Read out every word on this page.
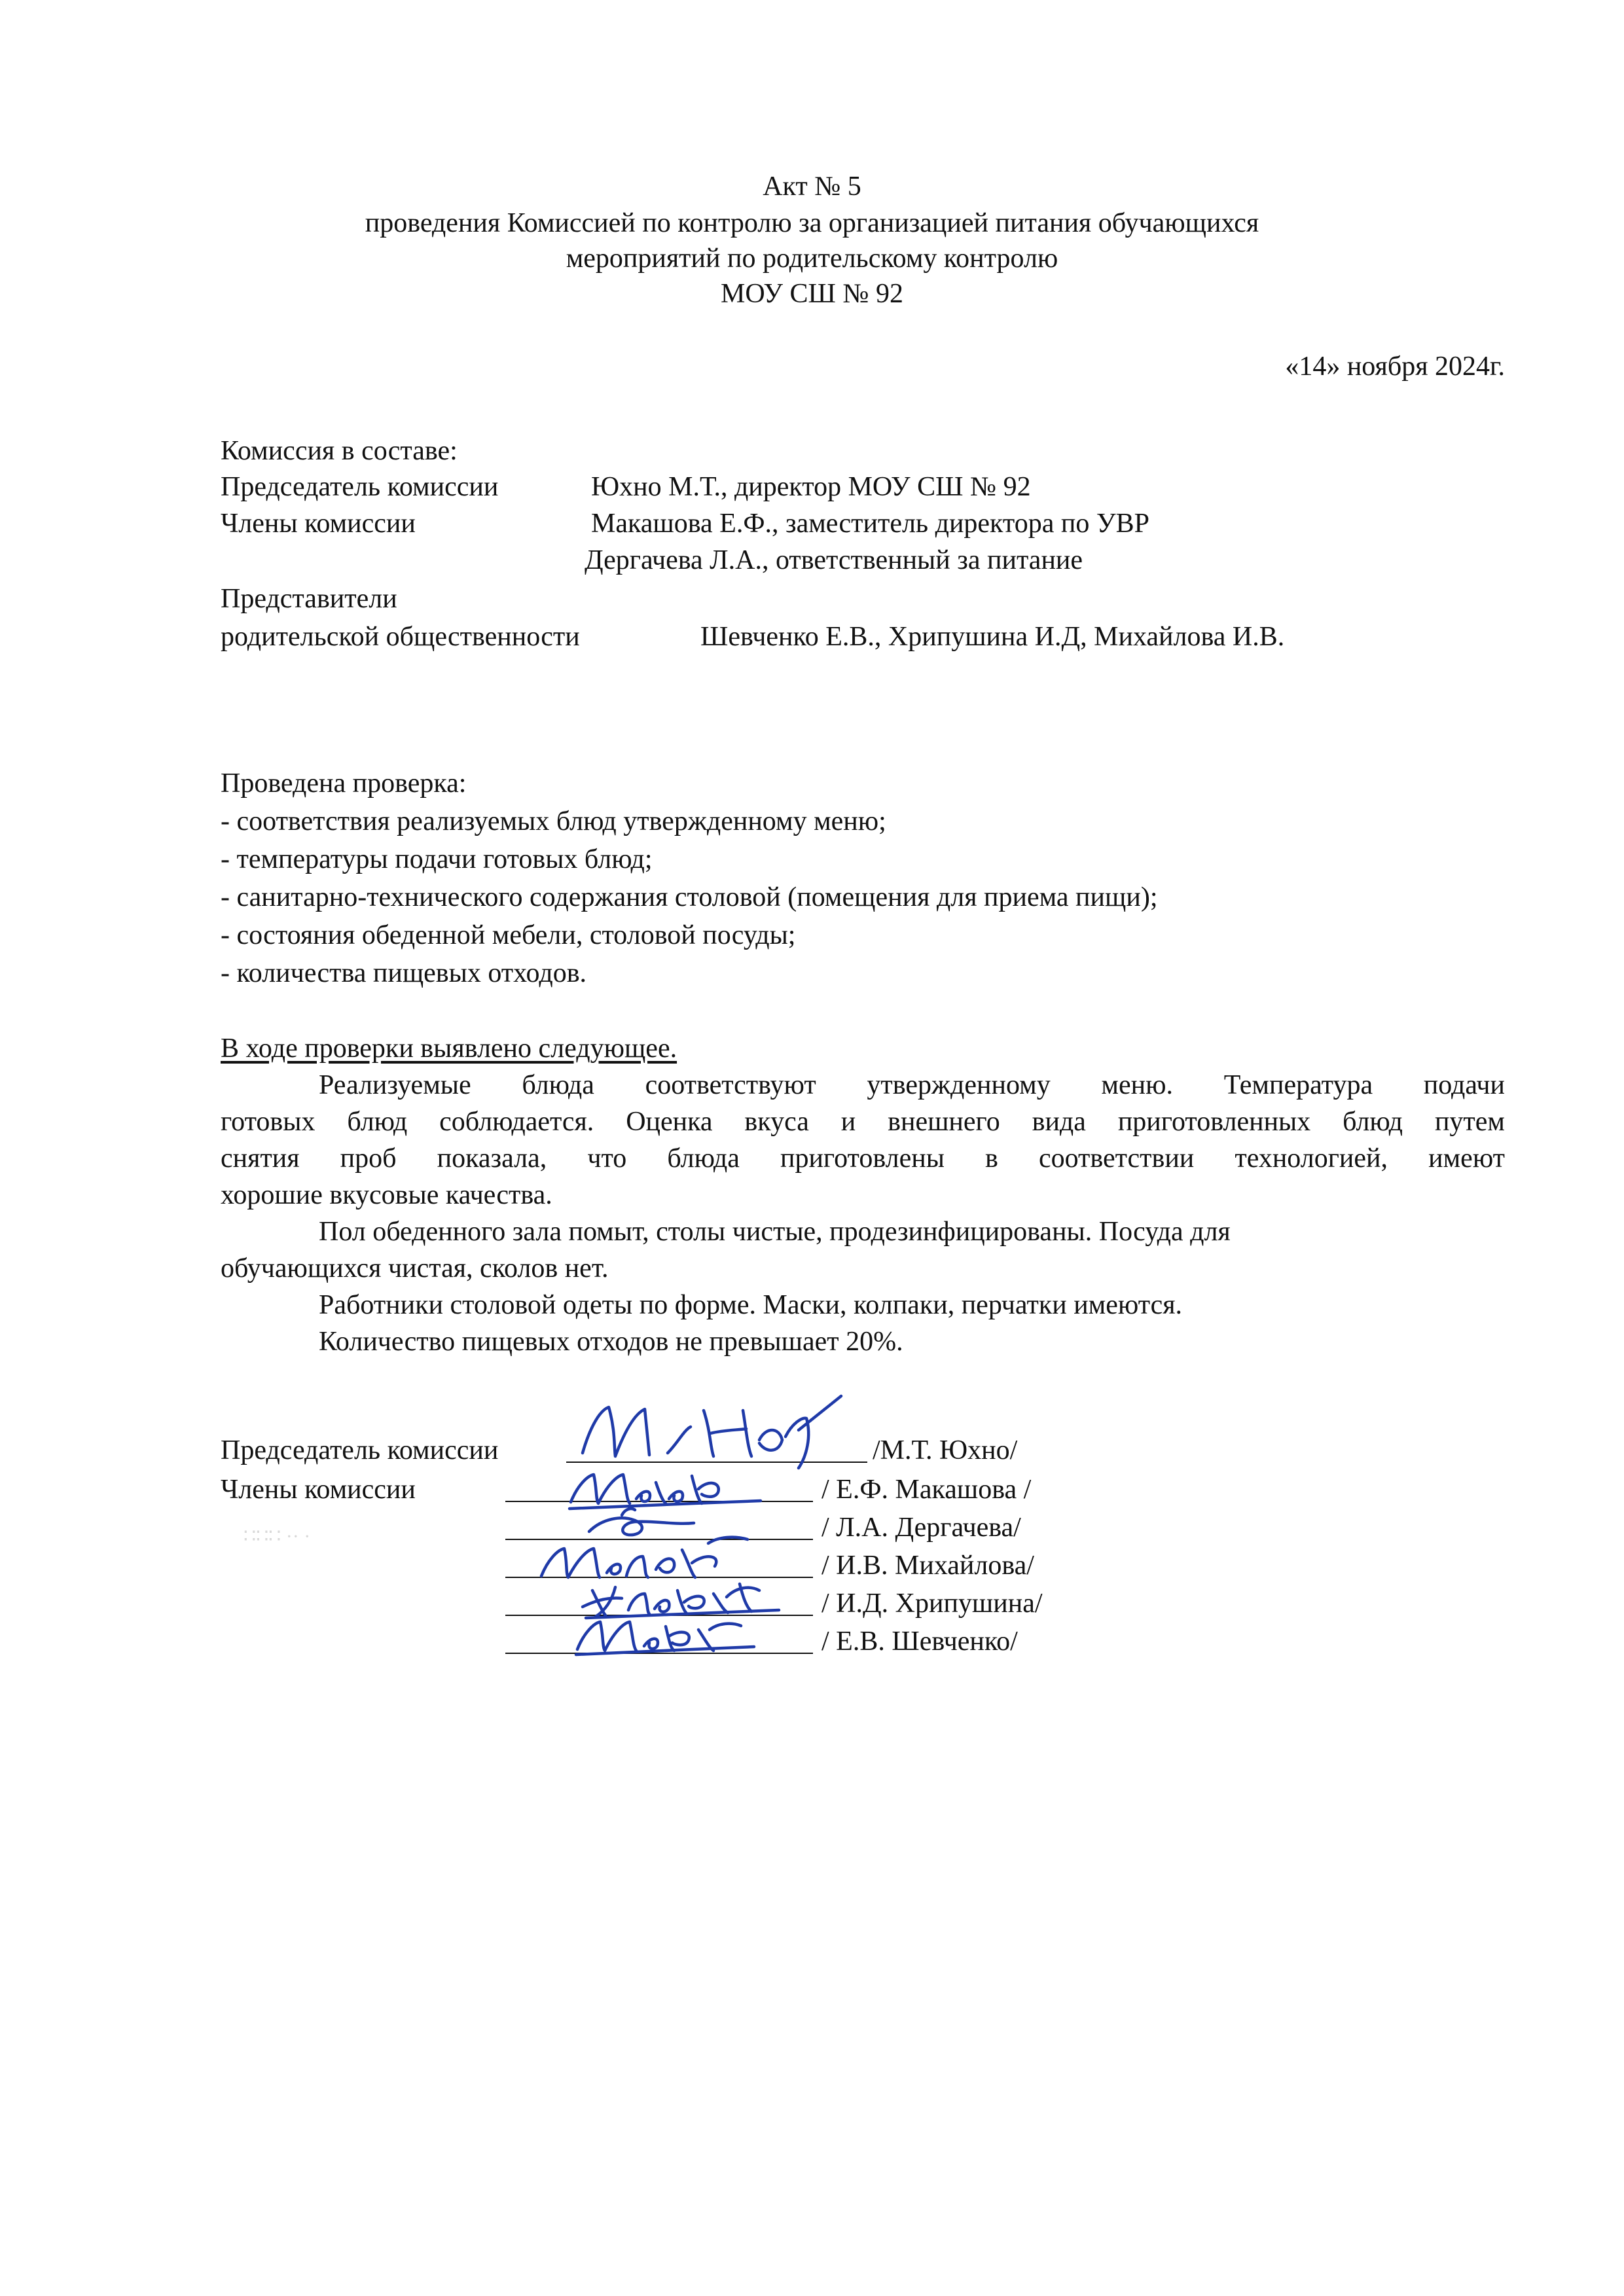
Акт № 5
проведения Комиссией по контролю за организацией питания обучающихся
мероприятий по родительскому контролю
МОУ СШ № 92
«14» ноября 2024г.
Комиссия в составе:
Председатель комиссии	Юхно М.Т., директор МОУ СШ № 92
Члены комиссии	Макашова Е.Ф., заместитель директора по УВР
Дергачева Л.А., ответственный за питание
Представители
родительской общественности	Шевченко Е.В., Хрипушина И.Д, Михайлова И.В.
Проведена проверка:
- соответствия реализуемых блюд утвержденному меню;
- температуры подачи готовых блюд;
- санитарно-технического содержания столовой (помещения для приема пищи);
- состояния обеденной мебели, столовой посуды;
- количества пищевых отходов.
В ходе проверки выявлено следующее.
Реализуемые блюда соответствуют утвержденному меню. Температура подачи
готовых блюд соблюдается. Оценка вкуса и внешнего вида приготовленных блюд путем
снятия проб показала, что блюда приготовлены в соответствии технологией, имеют
хорошие вкусовые качества.
Пол обеденного зала помыт, столы чистые, продезинфицированы. Посуда для
обучающихся чистая, сколов нет.
Работники столовой одеты по форме. Маски, колпаки, перчатки имеются.
Количество пищевых отходов не превышает 20%.
Председатель комиссии	/М.Т. Юхно/
Члены комиссии	/ Е.Ф. Макашова /
/ Л.А. Дергачева/
/ И.В. Михайлова/
/ И.Д. Хрипушина/
/ Е.В. Шевченко/
∷∷∷ ·· ·
